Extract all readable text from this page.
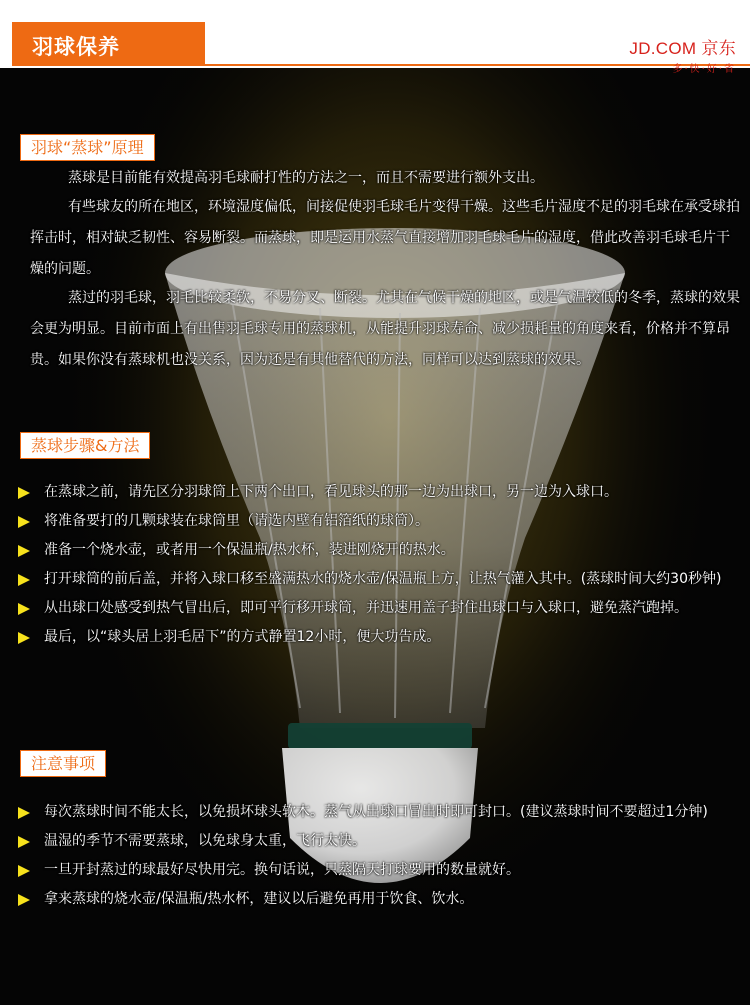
羽球保养	JD.COM 京东
多·快·好·省
羽球“蒸球”原理
蒸球是目前能有效提高羽毛球耐打性的方法之一，而且不需要进行额外支出。
有些球友的所在地区，环境湿度偏低，间接促使羽毛球毛片变得干燥。这些毛片湿度不足的羽毛球在承受球拍挥击时，相对缺乏韧性、容易断裂。而蒸球，即是运用水蒸气直接增加羽毛球毛片的湿度，借此改善羽毛球毛片干燥的问题。
蒸过的羽毛球，羽毛比较柔软，不易分叉、断裂。尤其在气候干燥的地区，或是气温较低的冬季，蒸球的效果会更为明显。目前市面上有出售羽毛球专用的蒸球机，从能提升羽球寿命、减少损耗量的角度来看，价格并不算昂贵。如果你没有蒸球机也没关系，因为还是有其他替代的方法，同样可以达到蒸球的效果。
蒸球步骤&方法
在蒸球之前，请先区分羽球筒上下两个出口，看见球头的那一边为出球口，另一边为入球口。
将准备要打的几颗球装在球筒里（请选内壁有铝箔纸的球筒）。
准备一个烧水壶，或者用一个保温瓶/热水杯，装进刚烧开的热水。
打开球筒的前后盖，并将入球口移至盛满热水的烧水壶/保温瓶上方，让热气灌入其中。(蒸球时间大约30秒钟)
从出球口处感受到热气冒出后，即可平行移开球筒，并迅速用盖子封住出球口与入球口，避免蒸汽跑掉。
最后，以“球头居上羽毛居下”的方式静置12小时，便大功告成。
注意事项
每次蒸球时间不能太长，以免损坏球头软木。蒸气从出球口冒出时即可封口。(建议蒸球时间不要超过1分钟)
温湿的季节不需要蒸球，以免球身太重，飞行太快。
一旦开封蒸过的球最好尽快用完。换句话说，只蒸隔天打球要用的数量就好。
拿来蒸球的烧水壶/保温瓶/热水杯，建议以后避免再用于饮食、饮水。
